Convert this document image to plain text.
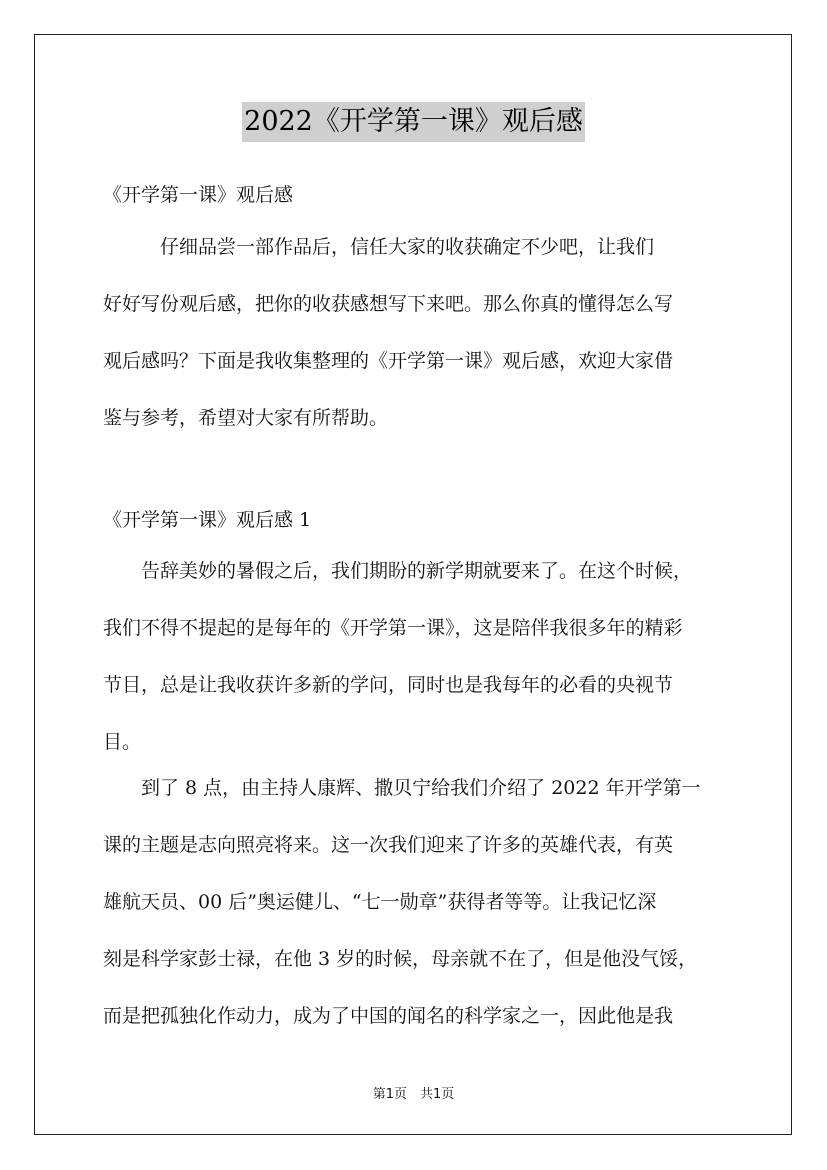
2022《开学第一课》观后感
《开学第一课》观后感
　　　仔细品尝一部作品后，信任大家的收获确定不少吧，让我们
好好写份观后感，把你的收获感想写下来吧。那么你真的懂得怎么写
观后感吗？下面是我收集整理的《开学第一课》观后感，欢迎大家借
鉴与参考，希望对大家有所帮助。
《开学第一课》观后感 1
　　告辞美妙的暑假之后，我们期盼的新学期就要来了。在这个时候，
我们不得不提起的是每年的《开学第一课》，这是陪伴我很多年的精彩
节目，总是让我收获许多新的学问，同时也是我每年的必看的央视节
目。
　　到了 8 点，由主持人康辉、撒贝宁给我们介绍了 2022 年开学第一
课的主题是志向照亮将来。这一次我们迎来了许多的英雄代表，有英
雄航天员、00 后”奥运健儿、“七一勋章”获得者等等。让我记忆深
刻是科学家彭士禄，在他 3 岁的时候，母亲就不在了，但是他没气馁，
而是把孤独化作动力，成为了中国的闻名的科学家之一，因此他是我
第1页　共1页
